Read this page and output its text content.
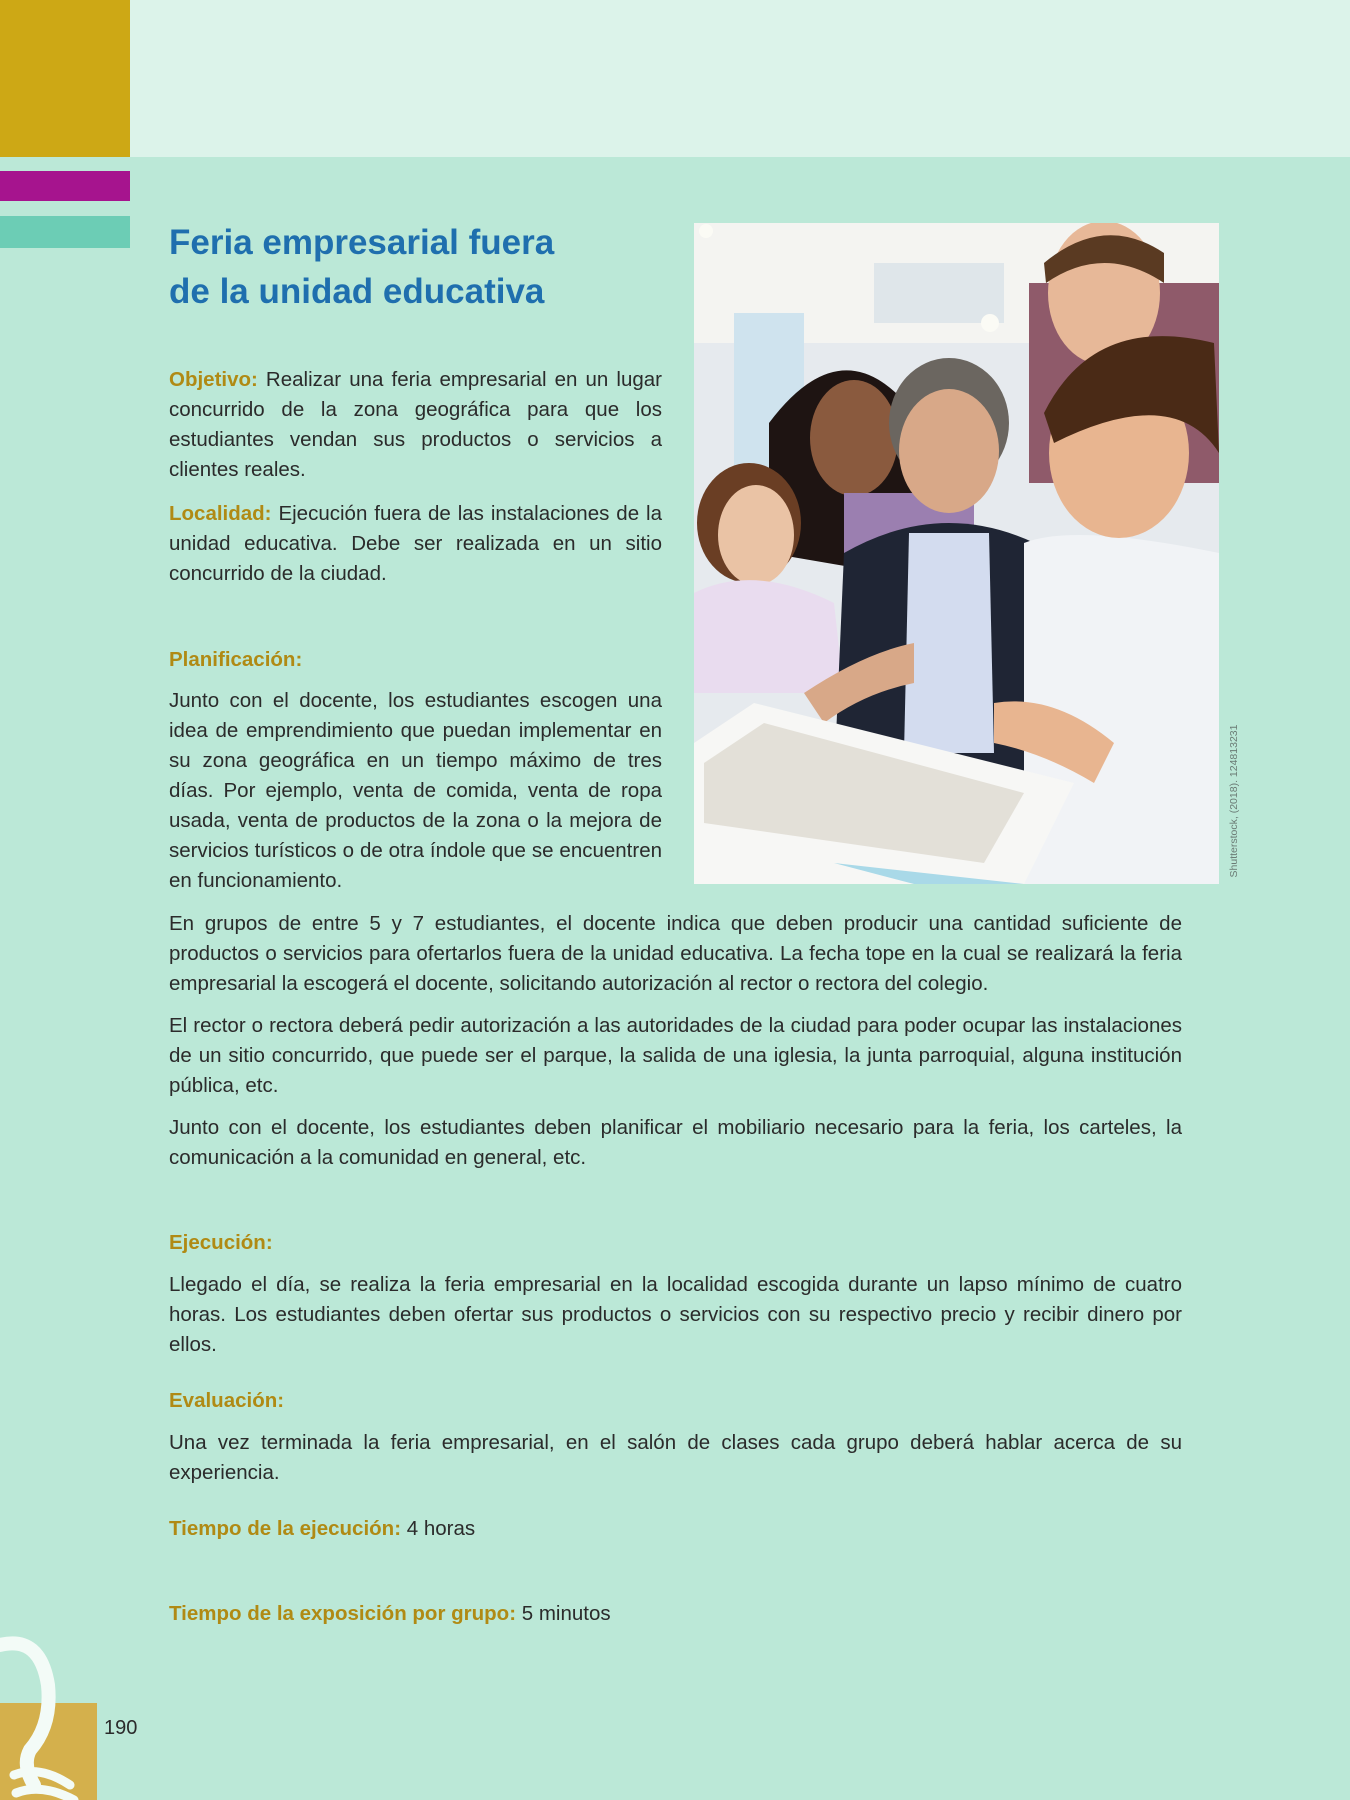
Feria empresarial fuera
de la unidad educativa

Objetivo: Realizar una feria empresarial en un lugar concurrido de la zona geográfica para que los estudiantes vendan sus productos o servicios a clientes reales.

Localidad: Ejecución fuera de las instalaciones de la unidad educativa. Debe ser realizada en un sitio concurrido de la ciudad.

Planificación:

Junto con el docente, los estudiantes escogen una idea de emprendimiento que puedan implementar en su zona geográfica en un tiempo máximo de tres días. Por ejemplo, venta de comida, venta de ropa usada, venta de productos de la zona o la mejora de servicios turísticos o de otra índole que se encuentren en funcionamiento.

Shutterstock, (2018). 124813231

En grupos de entre 5 y 7 estudiantes, el docente indica que deben producir una cantidad suficiente de productos o servicios para ofertarlos fuera de la unidad educativa. La fecha tope en la cual se realizará la feria empresarial la escogerá el docente, solicitando autorización al rector o rectora del colegio.

El rector o rectora deberá pedir autorización a las autoridades de la ciudad para poder ocupar las instalaciones de un sitio concurrido, que puede ser el parque, la salida de una iglesia, la junta parroquial, alguna institución pública, etc.

Junto con el docente, los estudiantes deben planificar el mobiliario necesario para la feria, los carteles, la comunicación a la comunidad en general, etc.

Ejecución:

Llegado el día, se realiza la feria empresarial en la localidad escogida durante un lapso mínimo de cuatro horas. Los estudiantes deben ofertar sus productos o servicios con su respectivo precio y recibir dinero por ellos.

Evaluación:

Una vez terminada la feria empresarial, en el salón de clases cada grupo deberá hablar acerca de su experiencia.

Tiempo de la ejecución: 4 horas

Tiempo de la exposición por grupo: 5 minutos

190
